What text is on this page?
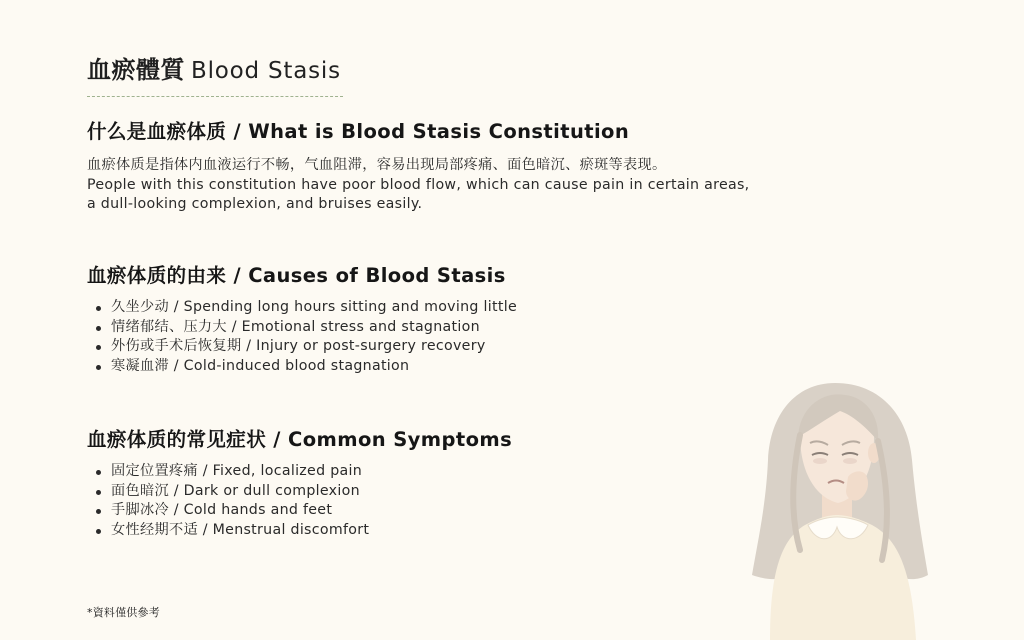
血瘀體質 Blood Stasis
什么是血瘀体质 / What is Blood Stasis Constitution

血瘀体质是指体内血液运行不畅，气血阻滞，容易出现局部疼痛、面色暗沉、瘀斑等表现。

People with this constitution have poor blood flow, which can cause pain in certain areas,

a dull-looking complexion, and bruises easily.

血瘀体质的由来 / Causes of Blood Stasis
久坐少动 / Spending long hours sitting and moving little
情绪郁结、压力大 / Emotional stress and stagnation
外伤或手术后恢复期 / Injury or post-surgery recovery
寒凝血滞 / Cold-induced blood stagnation
血瘀体质的常见症状 / Common Symptoms
固定位置疼痛 / Fixed, localized pain
面色暗沉 / Dark or dull complexion
手脚冰冷 / Cold hands and feet
女性经期不适 / Menstrual discomfort
*資料僅供參考
